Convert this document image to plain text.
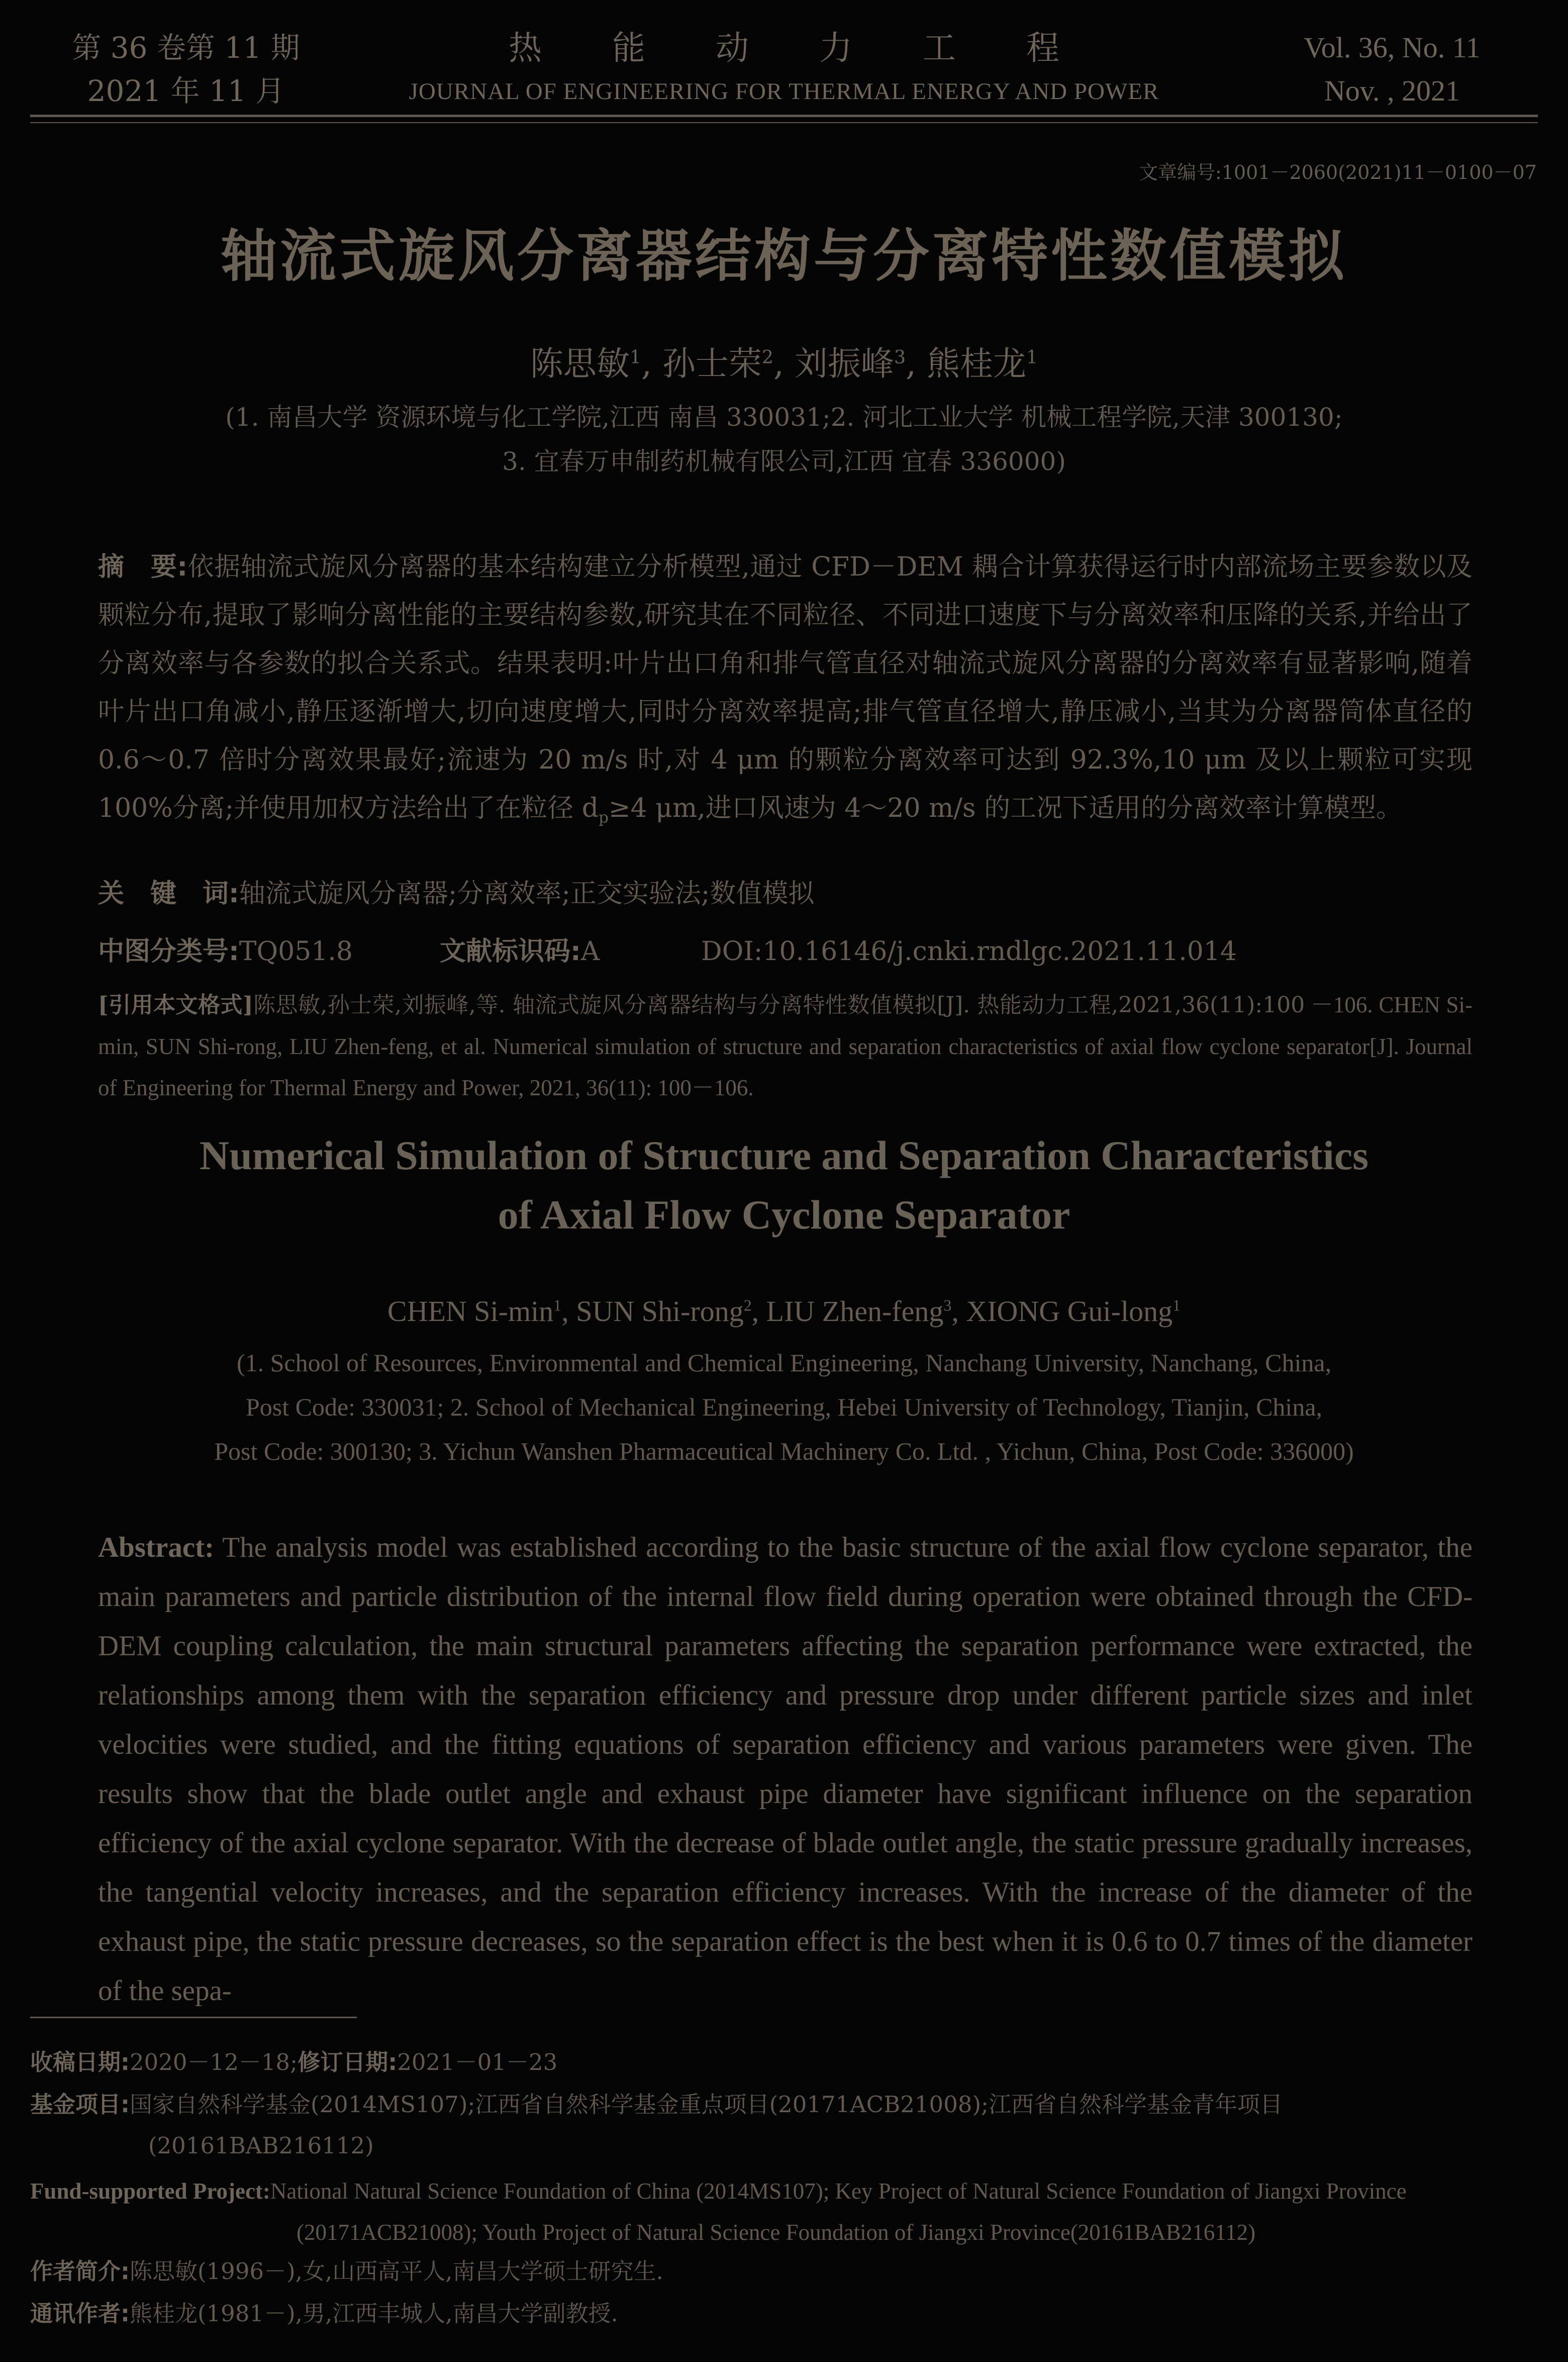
第 36 卷第 11 期
2021 年 11 月
热能动力工程
JOURNAL OF ENGINEERING FOR THERMAL ENERGY AND POWER
Vol. 36, No. 11
Nov. , 2021
文章编号:1001－2060(2021)11－0100－07
轴流式旋风分离器结构与分离特性数值模拟
陈思敏$^1$, 孙士荣$^2$, 刘振峰$^3$, 熊桂龙$^1$
(1. 南昌大学 资源环境与化工学院,江西 南昌 330031;2. 河北工业大学 机械工程学院,天津 300130;
3. 宜春万申制药机械有限公司,江西 宜春 336000)
摘　要:依据轴流式旋风分离器的基本结构建立分析模型,通过 CFD－DEM 耦合计算获得运行时内部流场主要参数以及颗粒分布,提取了影响分离性能的主要结构参数,研究其在不同粒径、不同进口速度下与分离效率和压降的关系,并给出了分离效率与各参数的拟合关系式。结果表明:叶片出口角和排气管直径对轴流式旋风分离器的分离效率有显著影响,随着叶片出口角减小,静压逐渐增大,切向速度增大,同时分离效率提高;排气管直径增大,静压减小,当其为分离器筒体直径的 0.6～0.7 倍时分离效果最好;流速为 20 m/s 时,对 4 μm 的颗粒分离效率可达到 92.3%,10 μm 及以上颗粒可实现 100%分离;并使用加权方法给出了在粒径 $d_p\ge 4$ μm,进口风速为 4～20 m/s 的工况下适用的分离效率计算模型。
关　键　词:轴流式旋风分离器;分离效率;正交实验法;数值模拟
中图分类号:TQ051.8	文献标识码:A	DOI:10.16146/j.cnki.rndlgc.2021.11.014
[引用本文格式]陈思敏,孙士荣,刘振峰,等. 轴流式旋风分离器结构与分离特性数值模拟[J]. 热能动力工程,2021,36(11):100 －106. CHEN Si-min, SUN Shi-rong, LIU Zhen-feng, et al. Numerical simulation of structure and separation characteristics of axial flow cyclone separator[J]. Journal of Engineering for Thermal Energy and Power, 2021, 36(11): 100－106.
Numerical Simulation of Structure and Separation Characteristics
of Axial Flow Cyclone Separator
CHEN $Si-\min^1$, SUN Shi-rong$^2$, LIU Zhen-feng$^3$, XIONG Gui-long$^1$
(1. School of Resources, Environmental and Chemical Engineering, Nanchang University, Nanchang, China,
Post Code: 330031; 2. School of Mechanical Engineering, Hebei University of Technology, Tianjin, China,
Post Code: 300130; 3. Yichun Wanshen Pharmaceutical Machinery Co. Ltd. , Yichun, China, Post Code: 336000)
Abstract: The analysis model was established according to the basic structure of the axial flow cyclone separator, the main parameters and particle distribution of the internal flow field during operation were obtained through the CFD-DEM coupling calculation, the main structural parameters affecting the separation performance were extracted, the relationships among them with the separation efficiency and pressure drop under different particle sizes and inlet velocities were studied, and the fitting equations of separation efficiency and various parameters were given. The results show that the blade outlet angle and exhaust pipe diameter have significant influence on the separation efficiency of the axial cyclone separator. With the decrease of blade outlet angle, the static pressure gradually increases, the tangential velocity increases, and the separation efficiency increases. With the increase of the diameter of the exhaust pipe, the static pressure decreases, so the separation effect is the best when it is 0.6 to 0.7 times of the diameter of the sepa-
收稿日期:2020－12－18;修订日期:2021－01－23
基金项目:国家自然科学基金(2014MS107);江西省自然科学基金重点项目(20171ACB21008);江西省自然科学基金青年项目
(20161BAB216112)
Fund-supported Project:National Natural Science Foundation of China (2014MS107); Key Project of Natural Science Foundation of Jiangxi Province
(20171ACB21008); Youth Project of Natural Science Foundation of Jiangxi Province(20161BAB216112)
作者简介:陈思敏(1996－),女,山西高平人,南昌大学硕士研究生.
通讯作者:熊桂龙(1981－),男,江西丰城人,南昌大学副教授.
